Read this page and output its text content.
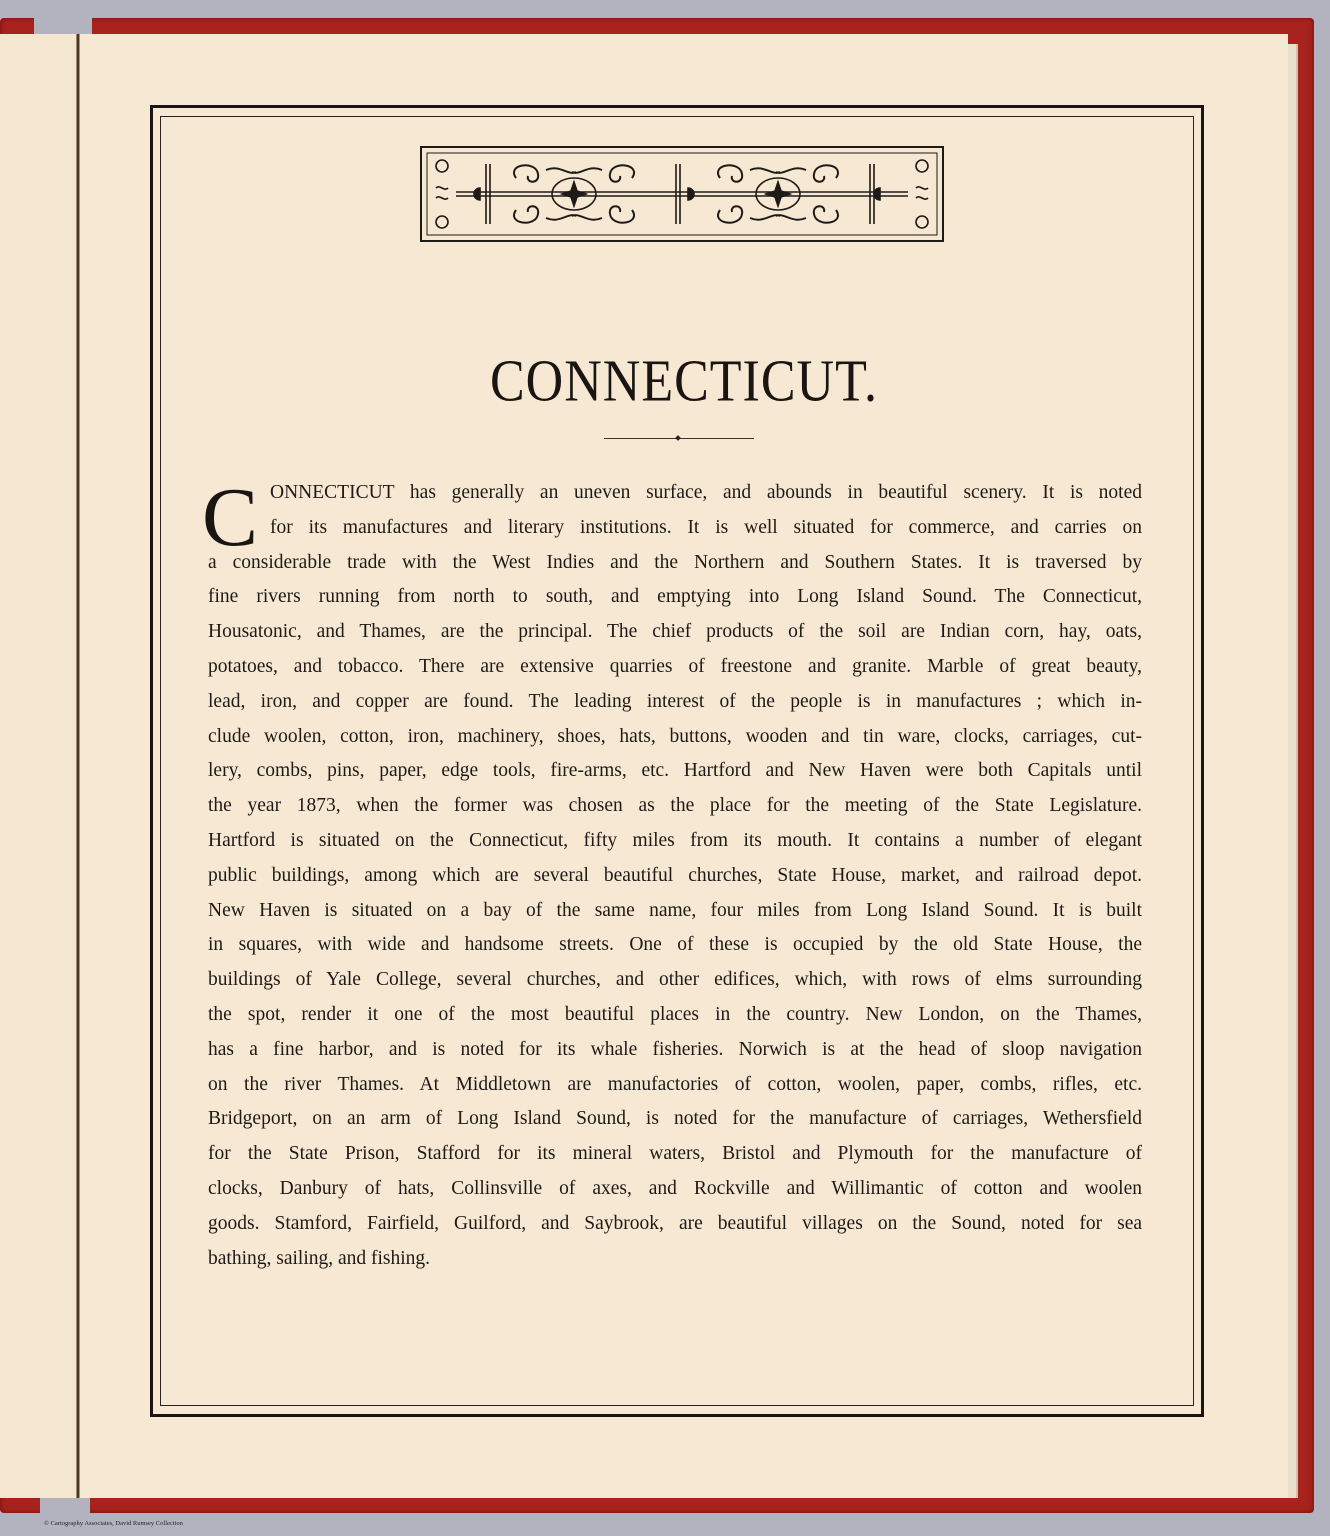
CONNECTICUT.
C ONNECTICUT has generally an uneven surface, and abounds in beautiful scenery. It is noted
for its manufactures and literary institutions. It is well situated for commerce, and carries on
a considerable trade with the West Indies and the Northern and Southern States. It is traversed by
fine rivers running from north to south, and emptying into Long Island Sound. The Connecticut,
Housatonic, and Thames, are the principal. The chief products of the soil are Indian corn, hay, oats,
potatoes, and tobacco. There are extensive quarries of freestone and granite. Marble of great beauty,
lead, iron, and copper are found. The leading interest of the people is in manufactures ; which in-
clude woolen, cotton, iron, machinery, shoes, hats, buttons, wooden and tin ware, clocks, carriages, cut-
lery, combs, pins, paper, edge tools, fire-arms, etc. Hartford and New Haven were both Capitals until
the year 1873, when the former was chosen as the place for the meeting of the State Legislature.
Hartford is situated on the Connecticut, fifty miles from its mouth. It contains a number of elegant
public buildings, among which are several beautiful churches, State House, market, and railroad depot.
New Haven is situated on a bay of the same name, four miles from Long Island Sound. It is built
in squares, with wide and handsome streets. One of these is occupied by the old State House, the
buildings of Yale College, several churches, and other edifices, which, with rows of elms surrounding
the spot, render it one of the most beautiful places in the country. New London, on the Thames,
has a fine harbor, and is noted for its whale fisheries. Norwich is at the head of sloop navigation
on the river Thames. At Middletown are manufactories of cotton, woolen, paper, combs, rifles, etc.
Bridgeport, on an arm of Long Island Sound, is noted for the manufacture of carriages, Wethersfield
for the State Prison, Stafford for its mineral waters, Bristol and Plymouth for the manufacture of
clocks, Danbury of hats, Collinsville of axes, and Rockville and Willimantic of cotton and woolen
goods. Stamford, Fairfield, Guilford, and Saybrook, are beautiful villages on the Sound, noted for sea
bathing, sailing, and fishing.
© Cartography Associates, David Rumsey Collection
